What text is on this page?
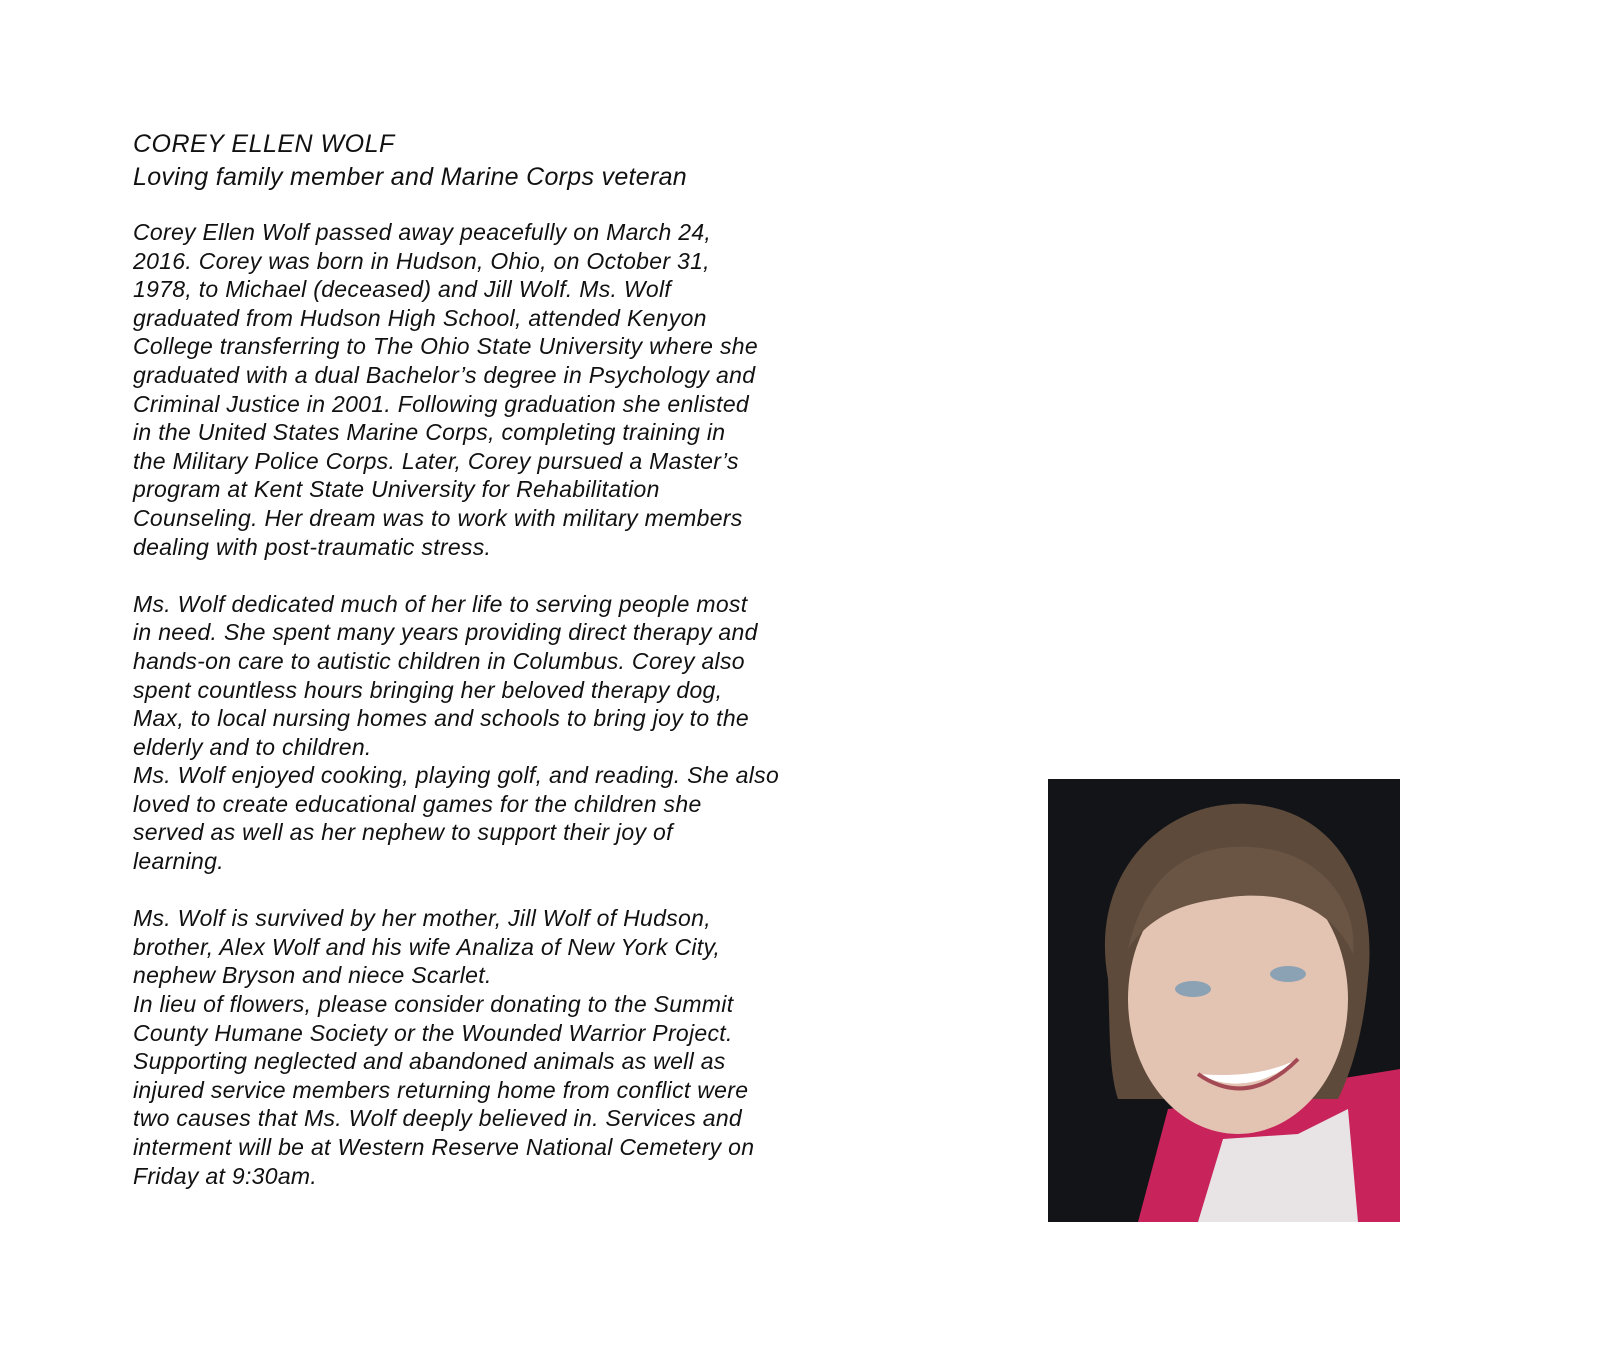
COREY ELLEN WOLF
Loving family member and Marine Corps veteran
Corey Ellen Wolf passed away peacefully on March 24,
2016. Corey was born in Hudson, Ohio, on October 31,
1978, to Michael (deceased) and Jill Wolf. Ms. Wolf
graduated from Hudson High School, attended Kenyon
College transferring to The Ohio State University where she
graduated with a dual Bachelor’s degree in Psychology and
Criminal Justice in 2001. Following graduation she enlisted
in the United States Marine Corps, completing training in
the Military Police Corps. Later, Corey pursued a Master’s
program at Kent State University for Rehabilitation
Counseling. Her dream was to work with military members
dealing with post-traumatic stress.
Ms. Wolf dedicated much of her life to serving people most
in need. She spent many years providing direct therapy and
hands-on care to autistic children in Columbus. Corey also
spent countless hours bringing her beloved therapy dog,
Max, to local nursing homes and schools to bring joy to the
elderly and to children.
Ms. Wolf enjoyed cooking, playing golf, and reading. She also
loved to create educational games for the children she
served as well as her nephew to support their joy of
learning.
Ms. Wolf is survived by her mother, Jill Wolf of Hudson,
brother, Alex Wolf and his wife Analiza of New York City,
nephew Bryson and niece Scarlet.
In lieu of flowers, please consider donating to the Summit
County Humane Society or the Wounded Warrior Project.
Supporting neglected and abandoned animals as well as
injured service members returning home from conflict were
two causes that Ms. Wolf deeply believed in. Services and
interment will be at Western Reserve National Cemetery on
Friday at 9:30am.
